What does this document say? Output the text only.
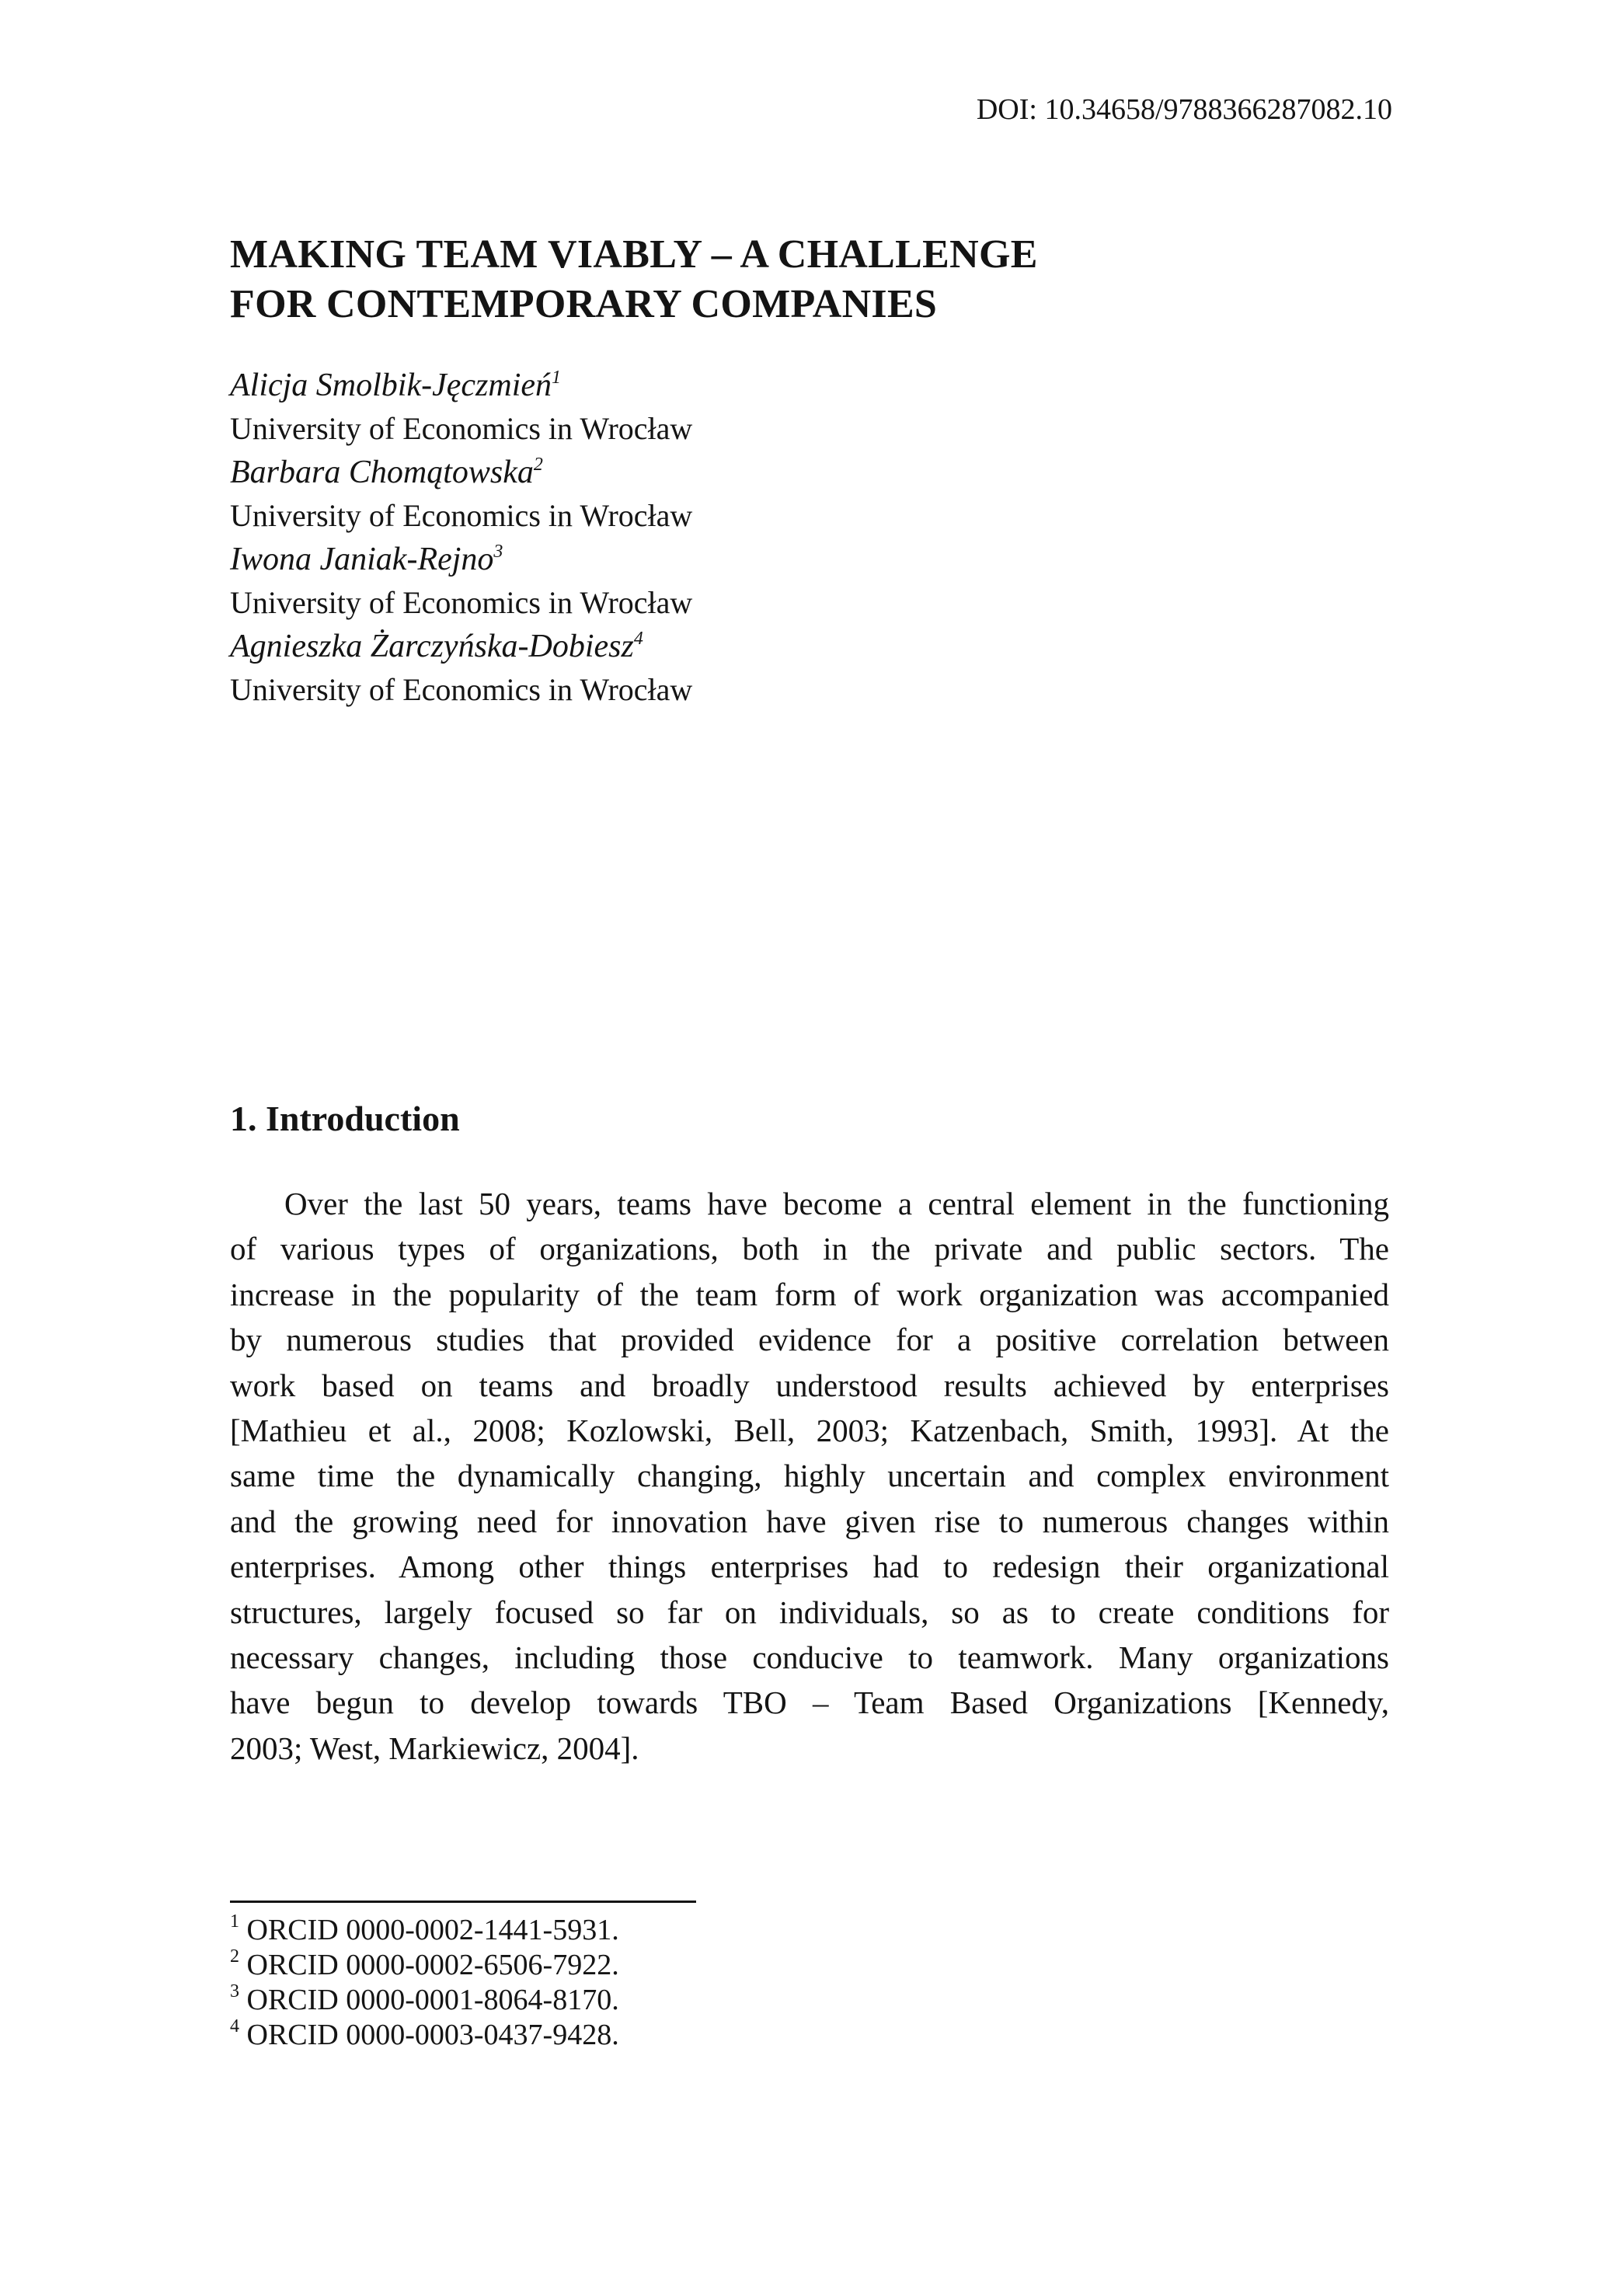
DOI: 10.34658/9788366287082.10
MAKING TEAM VIABLY – A CHALLENGE
FOR CONTEMPORARY COMPANIES
Alicja Smolbik-Jęczmień$^1$
University of Economics in Wrocław
Barbara Chomątowska$^2$
University of Economics in Wrocław
Iwona Janiak-Rejno$^3$
University of Economics in Wrocław
Agnieszka Żarczyńska-Dobiesz$^4$
University of Economics in Wrocław
1. Introduction
Over the last 50 years, teams have become a central element in the functioning
of various types of organizations, both in the private and public sectors. The
increase in the popularity of the team form of work organization was accompanied
by numerous studies that provided evidence for a positive correlation between
work based on teams and broadly understood results achieved by enterprises
[Mathieu et al., 2008; Kozlowski, Bell, 2003; Katzenbach, Smith, 1993]. At the
same time the dynamically changing, highly uncertain and complex environment
and the growing need for innovation have given rise to numerous changes within
enterprises. Among other things enterprises had to redesign their organizational
structures, largely focused so far on individuals, so as to create conditions for
necessary changes, including those conducive to teamwork. Many organizations
have begun to develop towards TBO – Team Based Organizations [Kennedy,
2003; West, Markiewicz, 2004].
$^1$ ORCID 0000-0002-1441-5931.
$^2$ ORCID 0000-0002-6506-7922.
$^3$ ORCID 0000-0001-8064-8170.
$^4$ ORCID 0000-0003-0437-9428.
